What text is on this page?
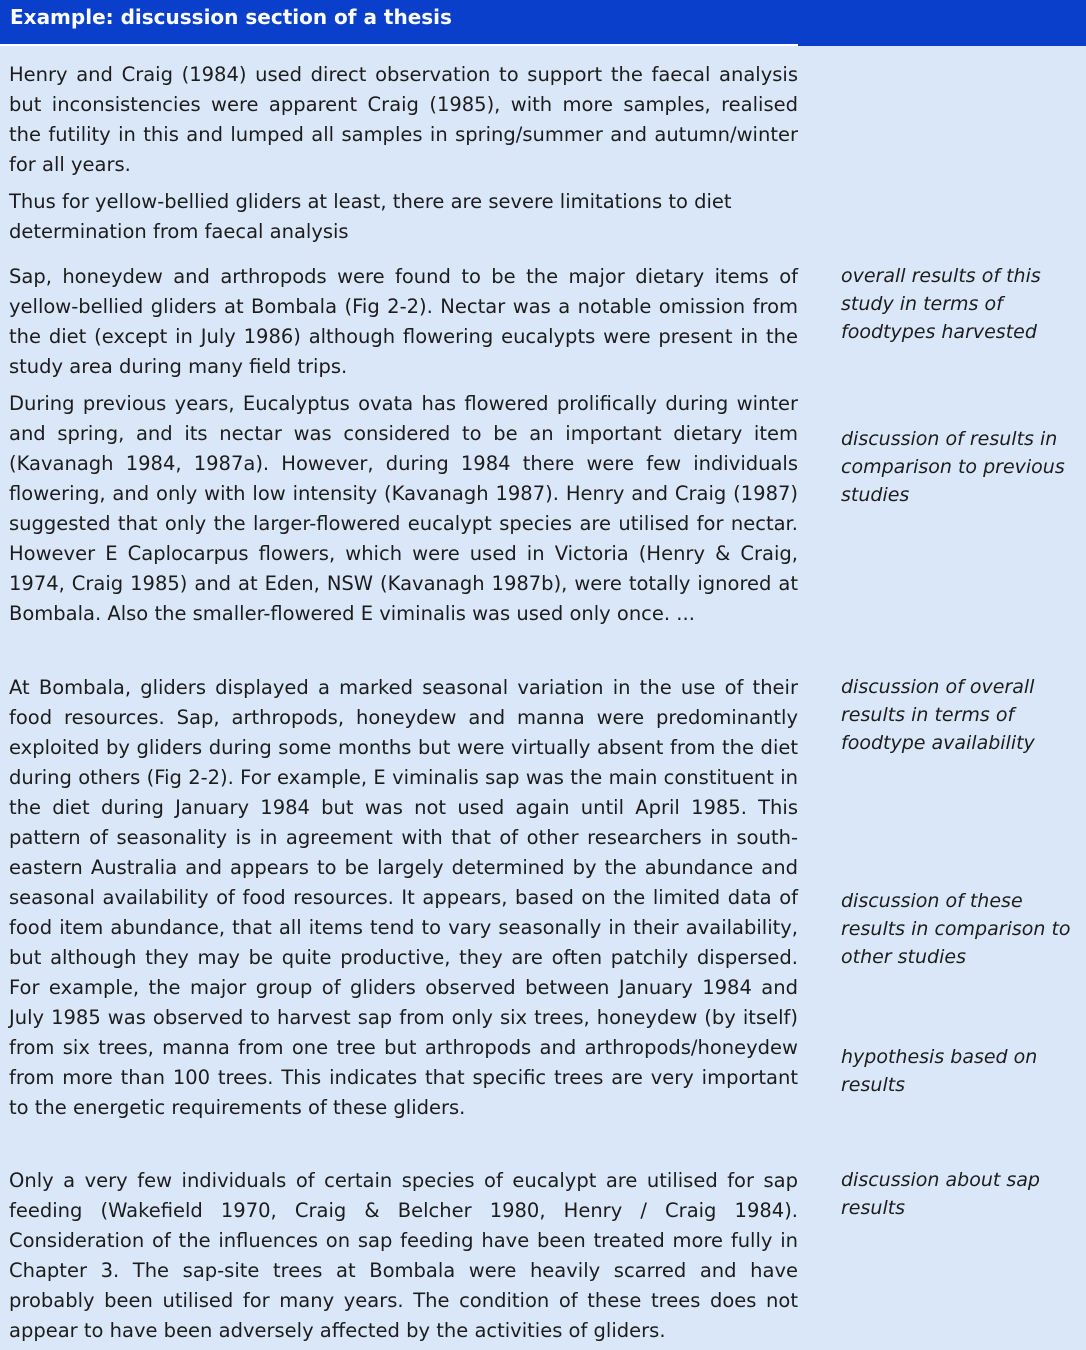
Example: discussion section of a thesis

Henry and Craig (1984) used direct observation to support the faecal analysis but inconsistencies were apparent Craig (1985), with more samples, realised the futility in this and lumped all samples in spring/summer and autumn/winter for all years.

Thus for yellow-bellied gliders at least, there are severe limitations to diet determination from faecal analysis

Sap, honeydew and arthropods were found to be the major dietary items of yellow-bellied gliders at Bombala (Fig 2-2). Nectar was a notable omission from the diet (except in July 1986) although flowering eucalypts were present in the study area during many field trips.

During previous years, Eucalyptus ovata has flowered prolifically during winter and spring, and its nectar was considered to be an important dietary item (Kavanagh 1984, 1987a). However, during 1984 there were few individuals flowering, and only with low intensity (Kavanagh 1987). Henry and Craig (1987) suggested that only the larger-flowered eucalypt species are utilised for nectar. However E Caplocarpus flowers, which were used in Victoria (Henry & Craig, 1974, Craig 1985) and at Eden, NSW (Kavanagh 1987b), were totally ignored at Bombala. Also the smaller-flowered E viminalis was used only once. ...

At Bombala, gliders displayed a marked seasonal variation in the use of their food resources. Sap, arthropods, honeydew and manna were predominantly exploited by gliders during some months but were virtually absent from the diet during others (Fig 2-2). For example, E viminalis sap was the main constituent in the diet during January 1984 but was not used again until April 1985. This pattern of seasonality is in agreement with that of other researchers in south-eastern Australia and appears to be largely determined by the abundance and seasonal availability of food resources. It appears, based on the limited data of food item abundance, that all items tend to vary seasonally in their availability, but although they may be quite productive, they are often patchily dispersed. For example, the major group of gliders observed between January 1984 and July 1985 was observed to harvest sap from only six trees, honeydew (by itself) from six trees, manna from one tree but arthropods and arthropods/honeydew from more than 100 trees. This indicates that specific trees are very important to the energetic requirements of these gliders.

Only a very few individuals of certain species of eucalypt are utilised for sap feeding (Wakefield 1970, Craig & Belcher 1980, Henry / Craig 1984). Consideration of the influences on sap feeding have been treated more fully in Chapter 3. The sap-site trees at Bombala were heavily scarred and have probably been utilised for many years. The condition of these trees does not appear to have been adversely affected by the activities of gliders.

overall results of this study in terms of foodtypes harvested

discussion of results in comparison to previous studies

discussion of overall results in terms of foodtype availability

discussion of these results in comparison to other studies

hypothesis based on results

discussion about sap results
